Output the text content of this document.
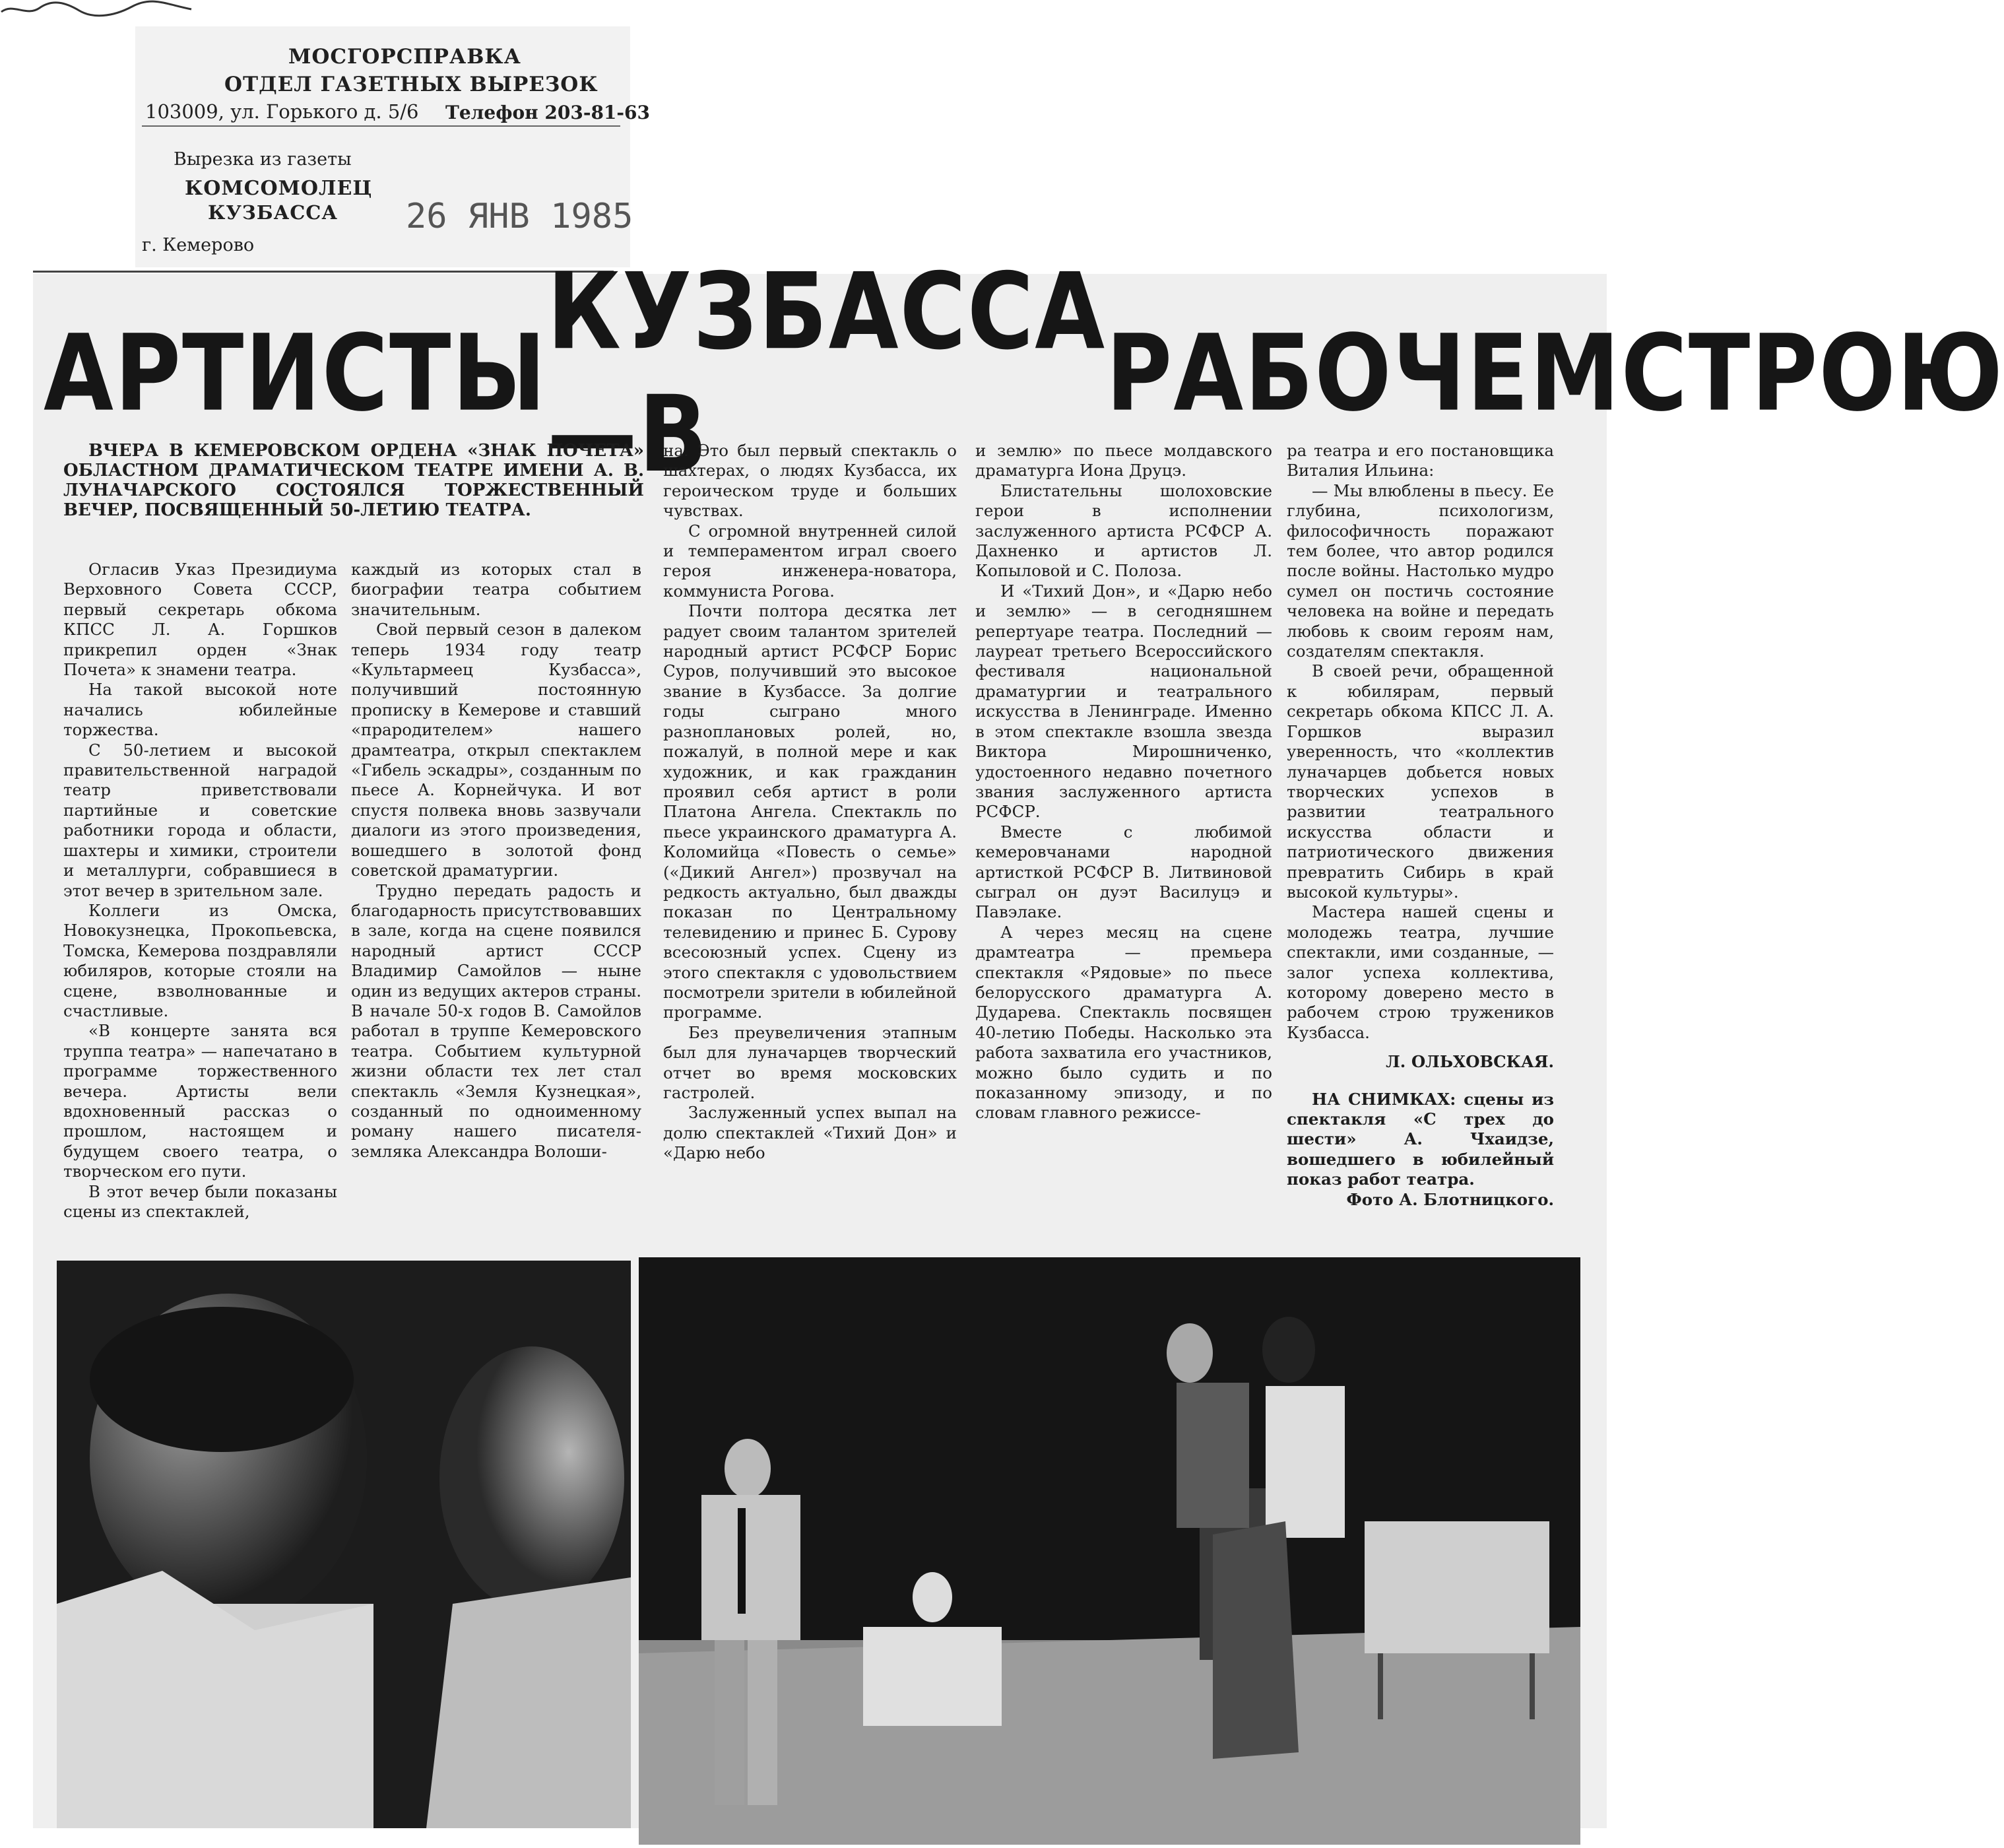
МОСГОРСПРАВКА
ОТДЕЛ ГАЗЕТНЫХ ВЫРЕЗОК
103009, ул. Горького д. 5/6 Телефон 203-81-63
Вырезка из газеты
КОМСОМОЛЕЦ
КУЗБАССА 26 ЯНВ 1985
г. Кемерово
АРТИСТЫ КУЗБАССА—В	РАБОЧЕМ СТРОЮ

ВЧЕРА В КЕМЕРОВСКОМ ОРДЕНА «ЗНАК ПОЧЕТА» ОБЛАСТНОМ ДРАМАТИЧЕСКОМ ТЕАТРЕ ИМЕНИ А. В. ЛУНАЧАРСКОГО СОСТОЯЛСЯ ТОРЖЕСТВЕННЫЙ ВЕЧЕР, ПОСВЯЩЕННЫЙ 50-ЛЕТИЮ ТЕАТРА.

Огласив Указ Президиума Верховного Совета СССР, первый секретарь обкома КПСС Л. А. Горшков прикрепил орден «Знак Почета» к знамени театра.

На такой высокой ноте начались юбилейные торжества.

С 50-летием и высокой правительственной наградой театр приветствовали партийные и советские работники города и области, шахтеры и химики, строители и металлурги, собравшиеся в этот вечер в зрительном зале.

Коллеги из Омска, Новокузнецка, Прокопьевска, Томска, Кемерова поздравляли юбиляров, которые стояли на сцене, взволнованные и счастливые.

«В концерте занята вся труппа театра» — напечатано в программе торжественного вечера. Артисты вели вдохновенный рассказ о прошлом, настоящем и будущем своего театра, о творческом его пути.

В этот вечер были показаны сцены из спектаклей,

каждый из которых стал в биографии театра событием значительным.

Свой первый сезон в далеком теперь 1934 году театр «Культармеец Кузбасса», получивший постоянную прописку в Кемерове и ставший «прародителем» нашего драмтеатра, открыл спектаклем «Гибель эскадры», созданным по пьесе А. Корнейчука. И вот спустя полвека вновь зазвучали диалоги из этого произведения, вошедшего в золотой фонд советской драматургии.

Трудно передать радость и благодарность присутствовавших в зале, когда на сцене появился народный артист СССР Владимир Самойлов — ныне один из ведущих актеров страны. В начале 50-х годов В. Самойлов работал в труппе Кемеровского театра. Событием культурной жизни области тех лет стал спектакль «Земля Кузнецкая», созданный по одноименному роману нашего писателя-земляка Александра Волоши-

на. Это был первый спектакль о шахтерах, о людях Кузбасса, их героическом труде и больших чувствах.

С огромной внутренней силой и темпераментом играл своего героя инженера-новатора, коммуниста Рогова.

Почти полтора десятка лет радует своим талантом зрителей народный артист РСФСР Борис Суров, получивший это высокое звание в Кузбассе. За долгие годы сыграно много разноплановых ролей, но, пожалуй, в полной мере и как художник, и как гражданин проявил себя артист в роли Платона Ангела. Спектакль по пьесе украинского драматурга А. Коломийца «Повесть о семье» («Дикий Ангел») прозвучал на редкость актуально, был дважды показан по Центральному телевидению и принес Б. Сурову всесоюзный успех. Сцену из этого спектакля с удовольствием посмотрели зрители в юбилейной программе.

Без преувеличения этапным был для луначарцев творческий отчет во время московских гастролей.

Заслуженный успех выпал на долю спектаклей «Тихий Дон» и «Дарю небо

и землю» по пьесе молдавского драматурга Иона Друцэ.

Блистательны шолоховские герои в исполнении заслуженного артиста РСФСР А. Дахненко и артистов Л. Копыловой и С. Полоза.

И «Тихий Дон», и «Дарю небо и землю» — в сегодняшнем репертуаре театра. Последний — лауреат третьего Всероссийского фестиваля национальной драматургии и театрального искусства в Ленинграде. Именно в этом спектакле взошла звезда Виктора Мирошниченко, удостоенного недавно почетного звания заслуженного артиста РСФСР.

Вместе с любимой кемеровчанами народной артисткой РСФСР В. Литвиновой сыграл он дуэт Василуцэ и Павэлаке.

А через месяц на сцене драмтеатра — премьера спектакля «Рядовые» по пьесе белорусского драматурга А. Дударева. Спектакль посвящен 40-летию Победы. Насколько эта работа захватила его участников, можно было судить и по показанному эпизоду, и по словам главного режиссе-

ра театра и его постановщика Виталия Ильина:

— Мы влюблены в пьесу. Ее глубина, психологизм, философичность поражают тем более, что автор родился после войны. Настолько мудро сумел он постичь состояние человека на войне и передать любовь к своим героям нам, создателям спектакля.

В своей речи, обращенной к юбилярам, первый секретарь обкома КПСС Л. А. Горшков выразил уверенность, что «коллектив луначарцев добьется новых творческих успехов в развитии театрального искусства области и патриотического движения превратить Сибирь в край высокой культуры».

Мастера нашей сцены и молодежь театра, лучшие спектакли, ими созданные, — залог успеха коллектива, которому доверено место в рабочем строю тружеников Кузбасса.

Л. ОЛЬХОВСКАЯ.

НА СНИМКАХ: сцены из спектакля «С трех до шести» А. Чхаидзе, вошедшего в юбилейный показ работ театра.

Фото А. Блотницкого.
